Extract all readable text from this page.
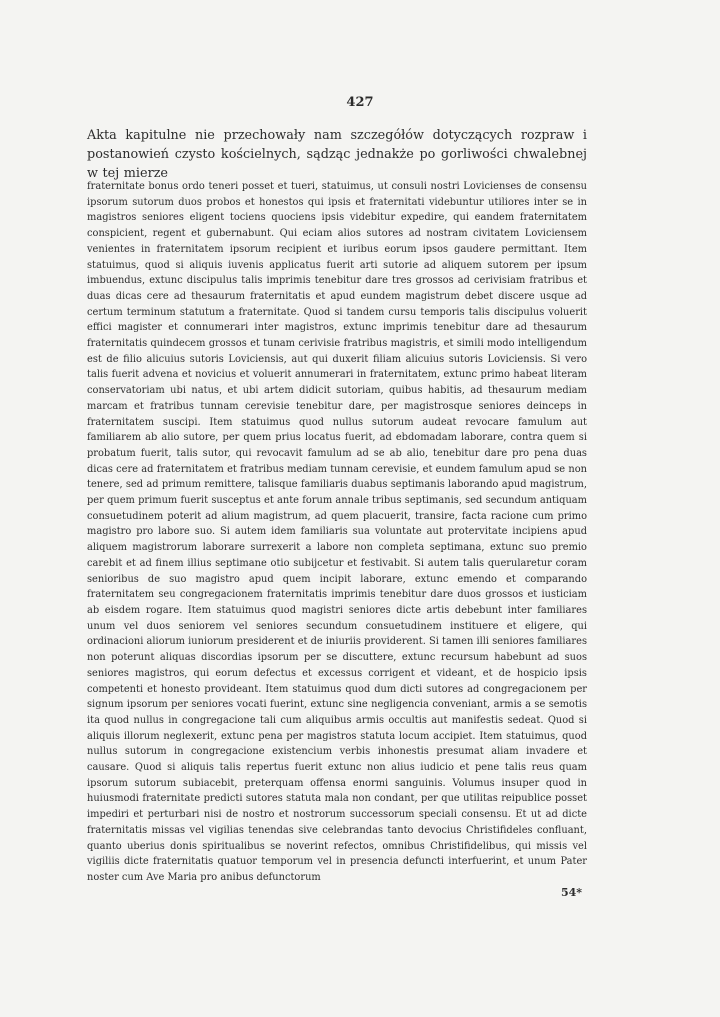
427
Akta kapitulne nie przechowały nam szczegółów dotyczących rozpraw i postanowień czysto kościelnych, sądząc jednakże po gorliwości chwalebnej w tej mierze
fraternitate bonus ordo teneri posset et tueri, statuimus, ut consuli nostri Lovicienses de consensu ipsorum sutorum duos probos et honestos qui ipsis et fraternitati videbuntur utiliores inter se in magistros seniores eligent tociens quociens ipsis videbitur expedire, qui eandem fraternitatem conspicient, regent et gubernabunt. Qui eciam alios sutores ad nostram civitatem Loviciensem venientes in fraternitatem ipsorum recipient et iuribus eorum ipsos gaudere permittant. Item statuimus, quod si aliquis iuvenis applicatus fuerit arti sutorie ad aliquem sutorem per ipsum imbuendus, extunc discipulus talis imprimis tenebitur dare tres grossos ad cerivisiam fratribus et duas dicas cere ad thesaurum fraternitatis et apud eundem magistrum debet discere usque ad certum terminum statutum a fraternitate. Quod si tandem cursu temporis talis discipulus voluerit effici magister et connumerari inter magistros, extunc imprimis tenebitur dare ad thesaurum fraternitatis quindecem grossos et tunam cerivisie fratribus magistris, et simili modo intelligendum est de filio alicuius sutoris Loviciensis, aut qui duxerit filiam alicuius sutoris Loviciensis. Si vero talis fuerit advena et novicius et voluerit annumerari in fraternitatem, extunc primo habeat literam conservatoriam ubi natus, et ubi artem didicit sutoriam, quibus habitis, ad thesaurum mediam marcam et fratribus tunnam cerevisie tenebitur dare, per magistrosque seniores deinceps in fraternitatem suscipi. Item statuimus quod nullus sutorum audeat revocare famulum aut familiarem ab alio sutore, per quem prius locatus fuerit, ad ebdomadam laborare, contra quem si probatum fuerit, talis sutor, qui revocavit famulum ad se ab alio, tenebitur dare pro pena duas dicas cere ad fraternitatem et fratribus mediam tunnam cerevisie, et eundem famulum apud se non tenere, sed ad primum remittere, talisque familiaris duabus septimanis laborando apud magistrum, per quem primum fuerit susceptus et ante forum annale tribus septimanis, sed secundum antiquam consuetudinem poterit ad alium magistrum, ad quem placuerit, transire, facta racione cum primo magistro pro labore suo. Si autem idem familiaris sua voluntate aut protervitate incipiens apud aliquem magistrorum laborare surrexerit a labore non completa septimana, extunc suo premio carebit et ad finem illius septimane otio subijcetur et festivabit. Si autem talis querularetur coram senioribus de suo magistro apud quem incipit laborare, extunc emendo et comparando fraternitatem seu congregacionem fraternitatis imprimis tenebitur dare duos grossos et iusticiam ab eisdem rogare. Item statuimus quod magistri seniores dicte artis debebunt inter familiares unum vel duos seniorem vel seniores secundum consuetudinem instituere et eligere, qui ordinacioni aliorum iuniorum presiderent et de iniuriis providerent. Si tamen illi seniores familiares non poterunt aliquas discordias ipsorum per se discuttere, extunc recursum habebunt ad suos seniores magistros, qui eorum defectus et excessus corrigent et videant, et de hospicio ipsis competenti et honesto provideant. Item statuimus quod dum dicti sutores ad congregacionem per signum ipsorum per seniores vocati fuerint, extunc sine negligencia conveniant, armis a se semotis ita quod nullus in congregacione tali cum aliquibus armis occultis aut manifestis sedeat. Quod si aliquis illorum neglexerit, extunc pena per magistros statuta locum accipiet. Item statuimus, quod nullus sutorum in congregacione existencium verbis inhonestis presumat aliam invadere et causare. Quod si aliquis talis repertus fuerit extunc non alius iudicio et pene talis reus quam ipsorum sutorum subiacebit, preterquam offensa enormi sanguinis. Volumus insuper quod in huiusmodi fraternitate predicti sutores statuta mala non condant, per que utilitas reipublice posset impediri et perturbari nisi de nostro et nostrorum successorum speciali consensu. Et ut ad dicte fraternitatis missas vel vigilias tenendas sive celebrandas tanto devocius Christifideles confluant, quanto uberius donis spiritualibus se noverint refectos, omnibus Christifidelibus, qui missis vel vigiliis dicte fraternitatis quatuor temporum vel in presencia defuncti interfuerint, et unum Pater noster cum Ave Maria pro anibus defunctorum
54*
